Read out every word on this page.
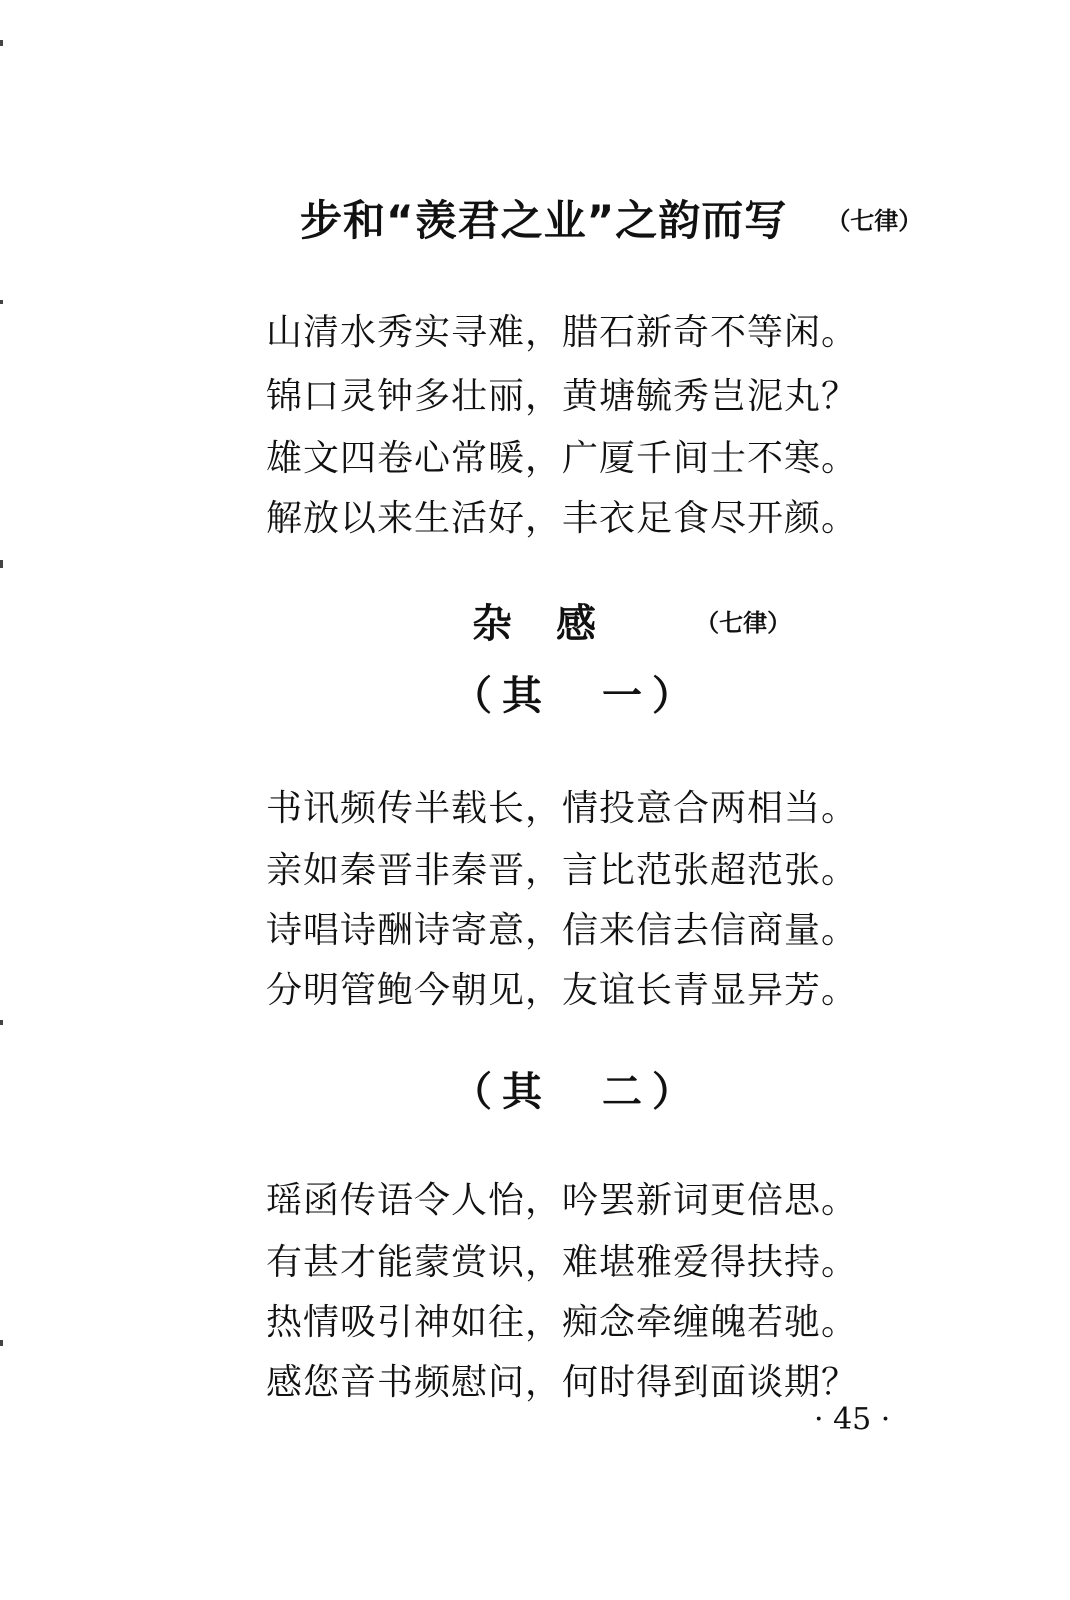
步和“羡君之业”之韵而写 （七律）
山清水秀实寻难，腊石新奇不等闲。
锦口灵钟多壮丽，黄塘毓秀岂泥丸？
雄文四卷心常暖，广厦千间士不寒。
解放以来生活好，丰衣足食尽开颜。
杂感 （七律）
（其　一）
书讯频传半载长，情投意合两相当。
亲如秦晋非秦晋，言比范张超范张。
诗唱诗酬诗寄意，信来信去信商量。
分明管鲍今朝见，友谊长青显异芳。
（其　二）
瑶函传语令人怡，吟罢新词更倍思。
有甚才能蒙赏识，难堪雅爱得扶持。
热情吸引神如往，痴念牵缠魄若驰。
感您音书频慰问，何时得到面谈期？
· 45 ·
